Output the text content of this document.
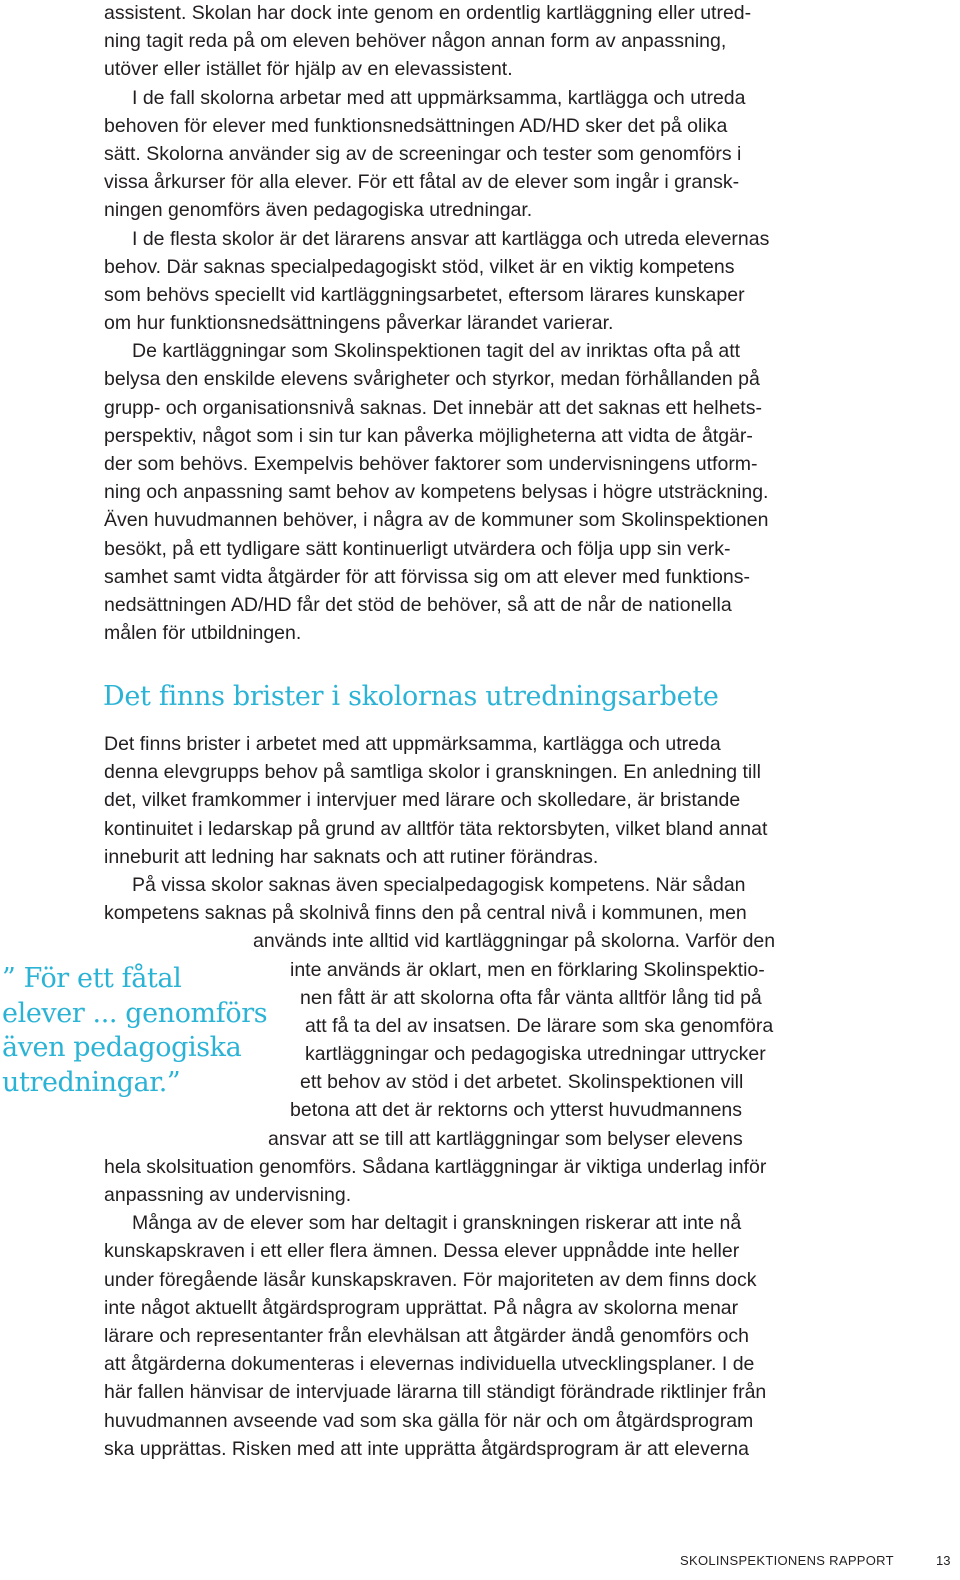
assistent. Skolan har dock inte genom en ordentlig kartläggning eller utred-
ning tagit reda på om eleven behöver någon annan form av anpassning,
utöver eller istället för hjälp av en elevassistent.
I de fall skolorna arbetar med att uppmärksamma, kartlägga och utreda
behoven för elever med funktionsnedsättningen AD/HD sker det på olika
sätt. Skolorna använder sig av de screeningar och tester som genomförs i
vissa årkurser för alla elever. För ett fåtal av de elever som ingår i gransk-
ningen genomförs även pedagogiska utredningar.
I de flesta skolor är det lärarens ansvar att kartlägga och utreda elevernas
behov. Där saknas specialpedagogiskt stöd, vilket är en viktig kompetens
som behövs speciellt vid kartläggningsarbetet, eftersom lärares kunskaper
om hur funktionsnedsättningens påverkar lärandet varierar.
De kartläggningar som Skolinspektionen tagit del av inriktas ofta på att
belysa den enskilde elevens svårigheter och styrkor, medan förhållanden på
grupp- och organisationsnivå saknas. Det innebär att det saknas ett helhets-
perspektiv, något som i sin tur kan påverka möjligheterna att vidta de åtgär-
der som behövs. Exempelvis behöver faktorer som undervisningens utform-
ning och anpassning samt behov av kompetens belysas i högre utsträckning.
Även huvudmannen behöver, i några av de kommuner som Skolinspektionen
besökt, på ett tydligare sätt kontinuerligt utvärdera och följa upp sin verk-
samhet samt vidta åtgärder för att förvissa sig om att elever med funktions-
nedsättningen AD/HD får det stöd de behöver, så att de når de nationella
målen för utbildningen.
Det finns brister i skolornas utredningsarbete
Det finns brister i arbetet med att uppmärksamma, kartlägga och utreda
denna elevgrupps behov på samtliga skolor i granskningen. En anledning till
det, vilket framkommer i intervjuer med lärare och skolledare, är bristande
kontinuitet i ledarskap på grund av alltför täta rektorsbyten, vilket bland annat
inneburit att ledning har saknats och att rutiner förändras.
På vissa skolor saknas även specialpedagogisk kompetens. När sådan
kompetens saknas på skolnivå finns den på central nivå i kommunen, men
används inte alltid vid kartläggningar på skolorna. Varför den
inte används är oklart, men en förklaring Skolinspektio-
nen fått är att skolorna ofta får vänta alltför lång tid på
att få ta del av insatsen. De lärare som ska genomföra
kartläggningar och pedagogiska utredningar uttrycker
ett behov av stöd i det arbetet. Skolinspektionen vill
betona att det är rektorns och ytterst huvudmannens
ansvar att se till att kartläggningar som belyser elevens
hela skolsituation genomförs. Sådana kartläggningar är viktiga underlag inför
anpassning av undervisning.
Många av de elever som har deltagit i granskningen riskerar att inte nå
kunskapskraven i ett eller flera ämnen. Dessa elever uppnådde inte heller
under föregående läsår kunskapskraven. För majoriteten av dem finns dock
inte något aktuellt åtgärdsprogram upprättat. På några av skolorna menar
lärare och representanter från elevhälsan att åtgärder ändå genomförs och
att åtgärderna dokumenteras i elevernas individuella utvecklingsplaner. I de
här fallen hänvisar de intervjuade lärarna till ständigt förändrade riktlinjer från
huvudmannen avseende vad som ska gälla för när och om åtgärdsprogram
ska upprättas. Risken med att inte upprätta åtgärdsprogram är att eleverna
” För ett fåtal
elever ... genomförs
även pedagogiska
utredningar.”
SKOLINSPEKTIONENS RAPPORT	13
